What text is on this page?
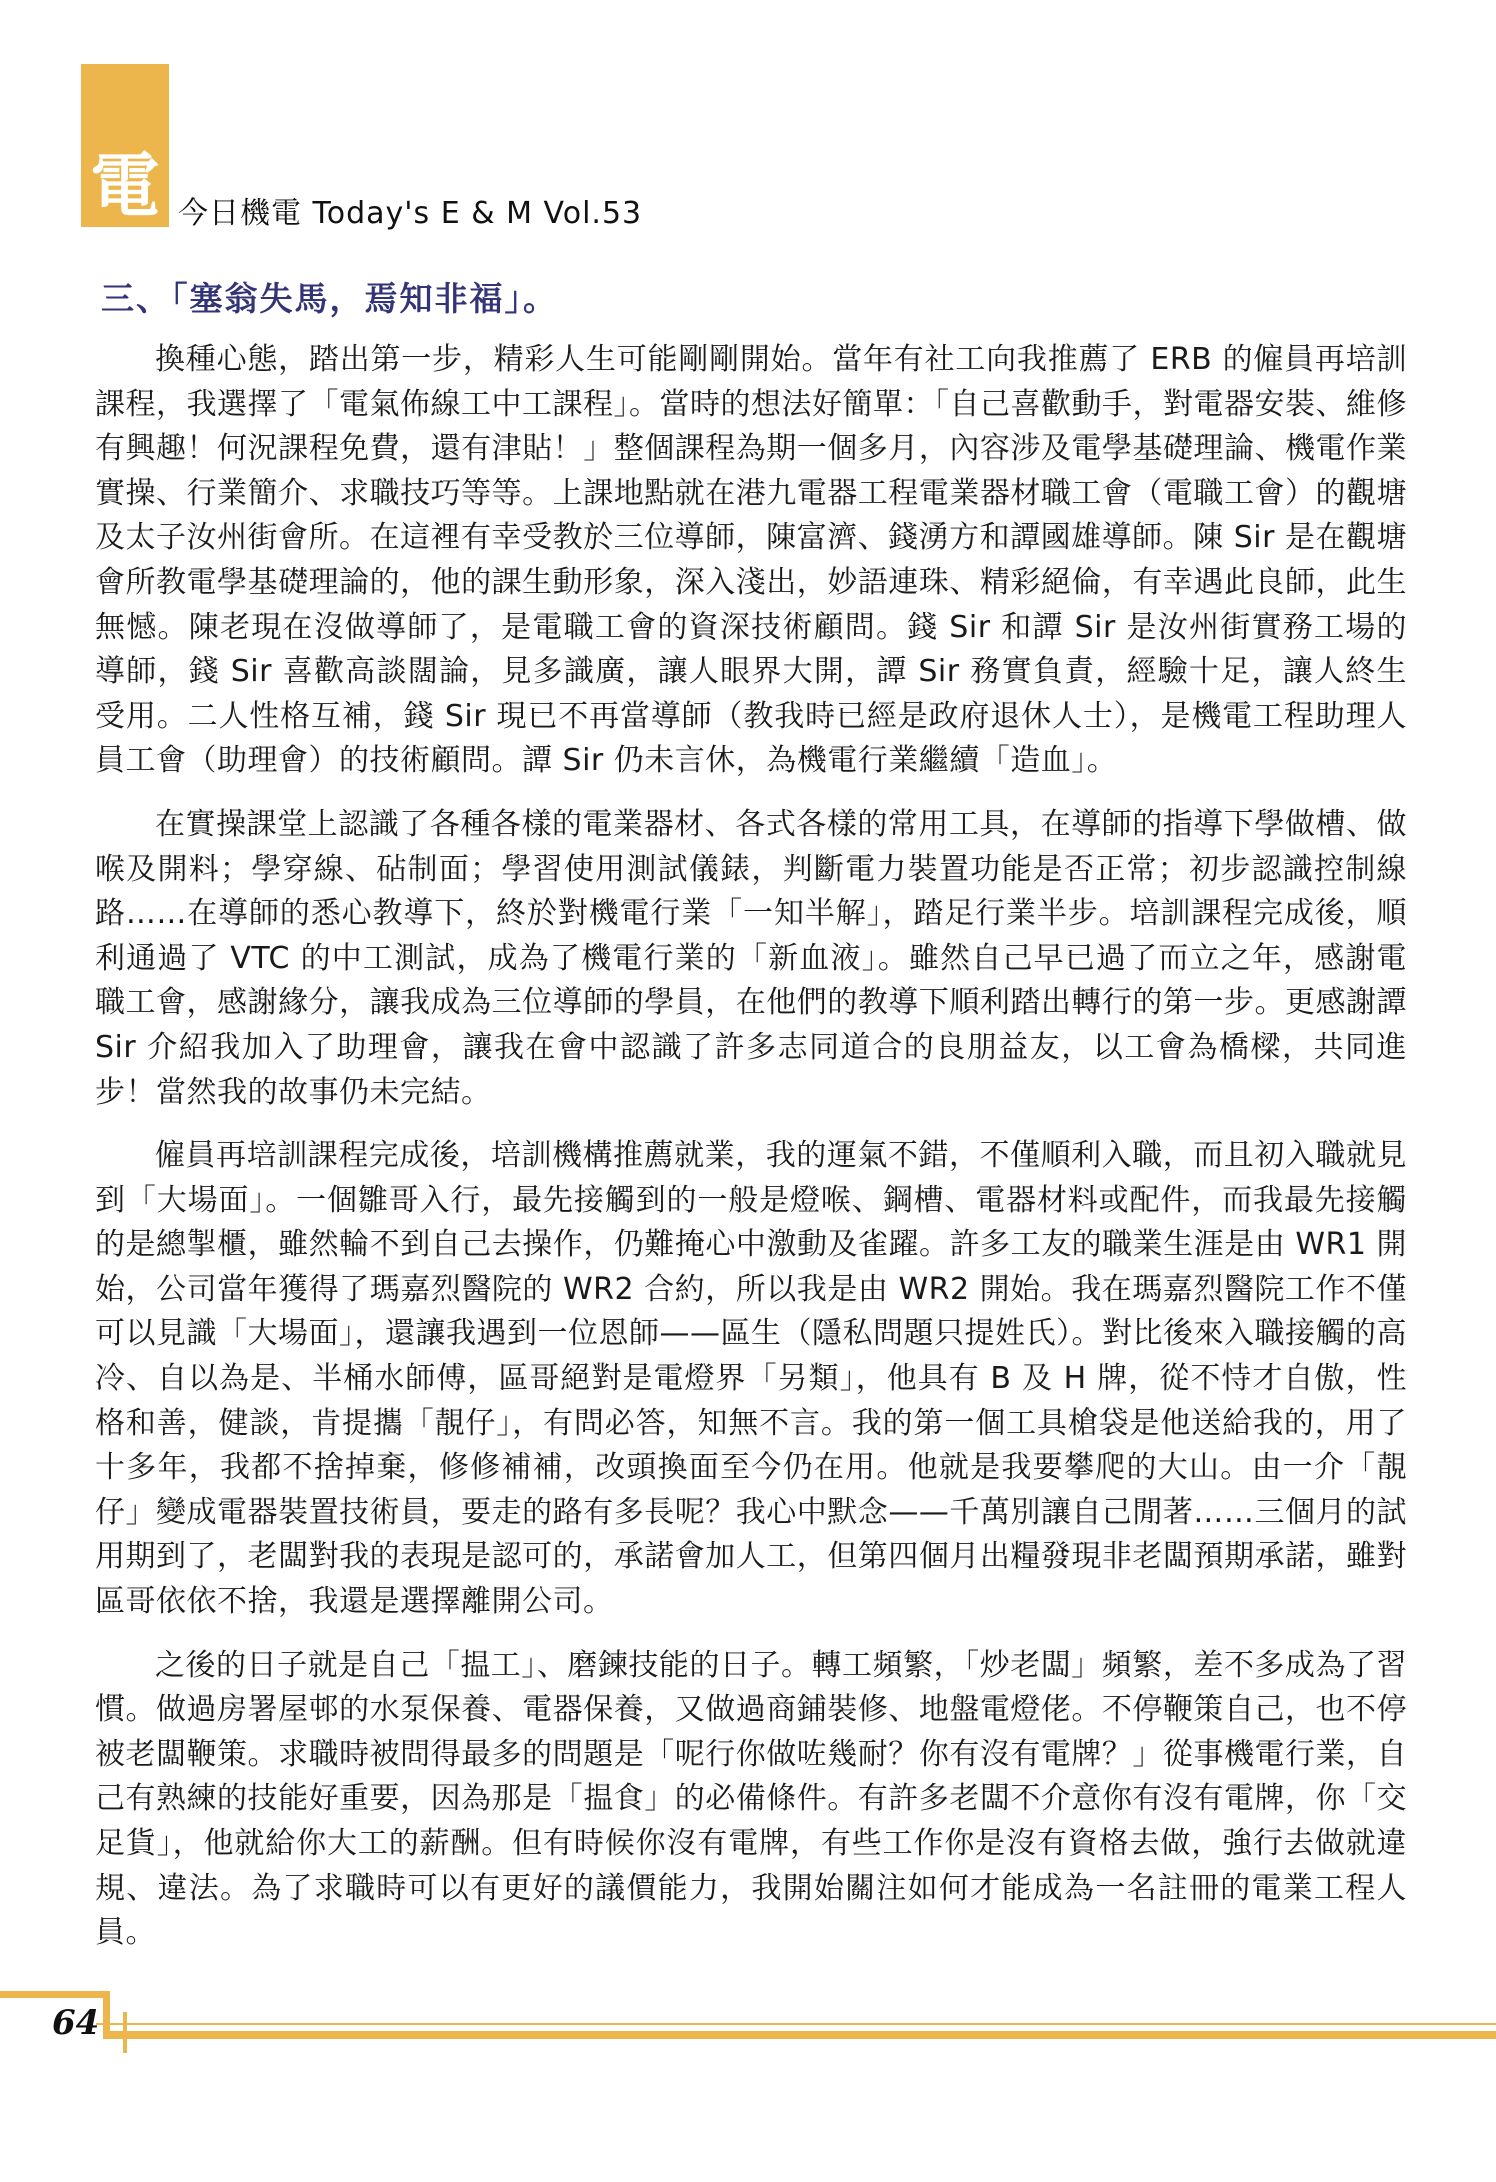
電 今日機電 Today's E & M Vol.53
三、「塞翁失馬，焉知非福」。

換種心態，踏出第一步，精彩人生可能剛剛開始。當年有社工向我推薦了 ERB 的僱員再培訓課程，我選擇了「電氣佈線工中工課程」。當時的想法好簡單：「自己喜歡動手，對電器安裝、維修有興趣！何況課程免費，還有津貼！」整個課程為期一個多月，內容涉及電學基礎理論、機電作業實操、行業簡介、求職技巧等等。上課地點就在港九電器工程電業器材職工會（電職工會）的觀塘及太子汝州街會所。在這裡有幸受教於三位導師，陳富濟、錢湧方和譚國雄導師。陳 Sir 是在觀塘會所教電學基礎理論的，他的課生動形象，深入淺出，妙語連珠、精彩絕倫，有幸遇此良師，此生無憾。陳老現在沒做導師了，是電職工會的資深技術顧問。錢 Sir 和譚 Sir 是汝州街實務工場的導師，錢 Sir 喜歡高談闊論，見多識廣，讓人眼界大開，譚 Sir 務實負責，經驗十足，讓人終生受用。二人性格互補，錢 Sir 現已不再當導師（教我時已經是政府退休人士），是機電工程助理人員工會（助理會）的技術顧問。譚 Sir 仍未言休，為機電行業繼續「造血」。

在實操課堂上認識了各種各樣的電業器材、各式各樣的常用工具，在導師的指導下學做槽、做喉及開料；學穿線、砧制面；學習使用測試儀錶，判斷電力裝置功能是否正常；初步認識控制線路……在導師的悉心教導下，終於對機電行業「一知半解」，踏足行業半步。培訓課程完成後，順利通過了 VTC 的中工測試，成為了機電行業的「新血液」。雖然自己早已過了而立之年，感謝電職工會，感謝緣分，讓我成為三位導師的學員，在他們的教導下順利踏出轉行的第一步。更感謝譚 Sir 介紹我加入了助理會，讓我在會中認識了許多志同道合的良朋益友，以工會為橋樑，共同進步！當然我的故事仍未完結。

僱員再培訓課程完成後，培訓機構推薦就業，我的運氣不錯，不僅順利入職，而且初入職就見到「大場面」。一個雛哥入行，最先接觸到的一般是燈喉、鋼槽、電器材料或配件，而我最先接觸的是總掣櫃，雖然輪不到自己去操作，仍難掩心中激動及雀躍。許多工友的職業生涯是由 WR1 開始，公司當年獲得了瑪嘉烈醫院的 WR2 合約，所以我是由 WR2 開始。我在瑪嘉烈醫院工作不僅可以見識「大場面」，還讓我遇到一位恩師——區生（隱私問題只提姓氏）。對比後來入職接觸的高冷、自以為是、半桶水師傅，區哥絕對是電燈界「另類」，他具有 B 及 H 牌，從不恃才自傲，性格和善，健談，肯提攜「靚仔」，有問必答，知無不言。我的第一個工具槍袋是他送給我的，用了十多年，我都不捨掉棄，修修補補，改頭換面至今仍在用。他就是我要攀爬的大山。由一介「靚仔」變成電器裝置技術員，要走的路有多長呢？我心中默念——千萬別讓自己閒著……三個月的試用期到了，老闆對我的表現是認可的，承諾會加人工，但第四個月出糧發現非老闆預期承諾，雖對區哥依依不捨，我還是選擇離開公司。

之後的日子就是自己「揾工」、磨鍊技能的日子。轉工頻繁，「炒老闆」頻繁，差不多成為了習慣。做過房署屋邨的水泵保養、電器保養，又做過商鋪裝修、地盤電燈佬。不停鞭策自己，也不停被老闆鞭策。求職時被問得最多的問題是「呢行你做咗幾耐？你有沒有電牌？」從事機電行業，自己有熟練的技能好重要，因為那是「揾食」的必備條件。有許多老闆不介意你有沒有電牌，你「交足貨」，他就給你大工的薪酬。但有時候你沒有電牌，有些工作你是沒有資格去做，強行去做就違規、違法。為了求職時可以有更好的議價能力，我開始關注如何才能成為一名註冊的電業工程人員。

64
